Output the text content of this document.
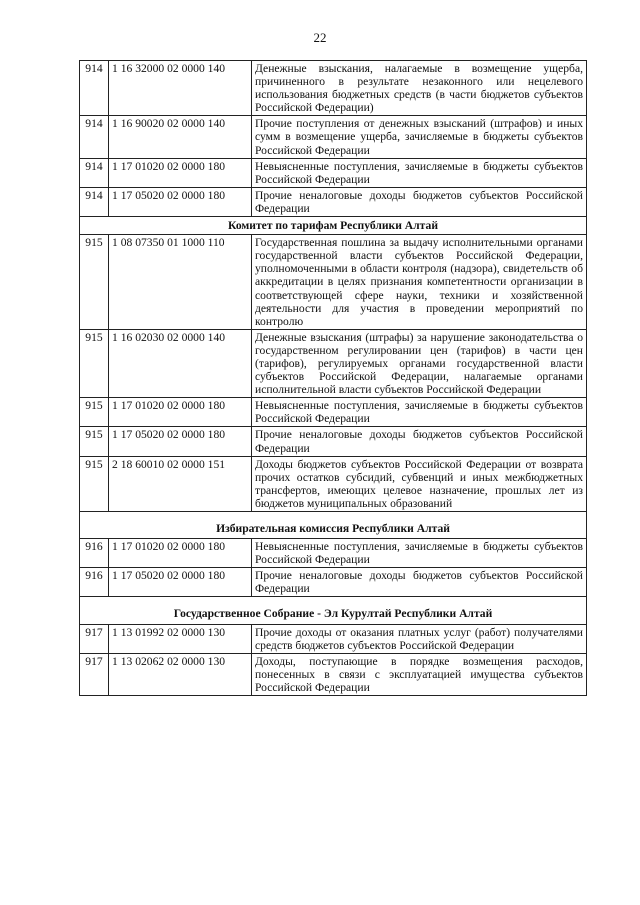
22
914	1 16 32000 02 0000 140	Денежные взыскания, налагаемые в возмещение ущерба, причиненного в результате незаконного или нецелевого использования бюджетных средств (в части бюджетов субъектов Российской Федерации)
914	1 16 90020 02 0000 140	Прочие поступления от денежных взысканий (штрафов) и иных сумм в возмещение ущерба, зачисляемые в бюджеты субъектов Российской Федерации
914	1 17 01020 02 0000 180	Невыясненные поступления, зачисляемые в бюджеты субъектов Российской Федерации
914	1 17 05020 02 0000 180	Прочие неналоговые доходы бюджетов субъектов Российской Федерации
Комитет по тарифам Республики Алтай		
915	1 08 07350 01 1000 110	Государственная пошлина за выдачу исполнительными органами государственной власти субъектов Российской Федерации, уполномоченными в области контроля (надзора), свидетельств об аккредитации в целях признания компетентности организации в соответствующей сфере науки, техники и хозяйственной деятельности для участия в проведении мероприятий по контролю
915	1 16 02030 02 0000 140	Денежные взыскания (штрафы) за нарушение законодательства о государственном регулировании цен (тарифов) в части цен (тарифов), регулируемых органами государственной власти субъектов Российской Федерации, налагаемые органами исполнительной власти субъектов Российской Федерации
915	1 17 01020 02 0000 180	Невыясненные поступления, зачисляемые в бюджеты субъектов Российской Федерации
915	1 17 05020 02 0000 180	Прочие неналоговые доходы бюджетов субъектов Российской Федерации
915	2 18 60010 02 0000 151	Доходы бюджетов субъектов Российской Федерации от возврата прочих остатков субсидий, субвенций и иных межбюджетных трансфертов, имеющих целевое назначение, прошлых лет из бюджетов муниципальных образований
Избирательная комиссия Республики Алтай		
916	1 17 01020 02 0000 180	Невыясненные поступления, зачисляемые в бюджеты субъектов Российской Федерации
916	1 17 05020 02 0000 180	Прочие неналоговые доходы бюджетов субъектов Российской Федерации
Государственное Собрание - Эл Курултай Республики Алтай		
917	1 13 01992 02 0000 130	Прочие доходы от оказания платных услуг (работ) получателями средств бюджетов субъектов Российской Федерации
917	1 13 02062 02 0000 130	Доходы, поступающие в порядке возмещения расходов, понесенных в связи с эксплуатацией имущества субъектов Российской Федерации
